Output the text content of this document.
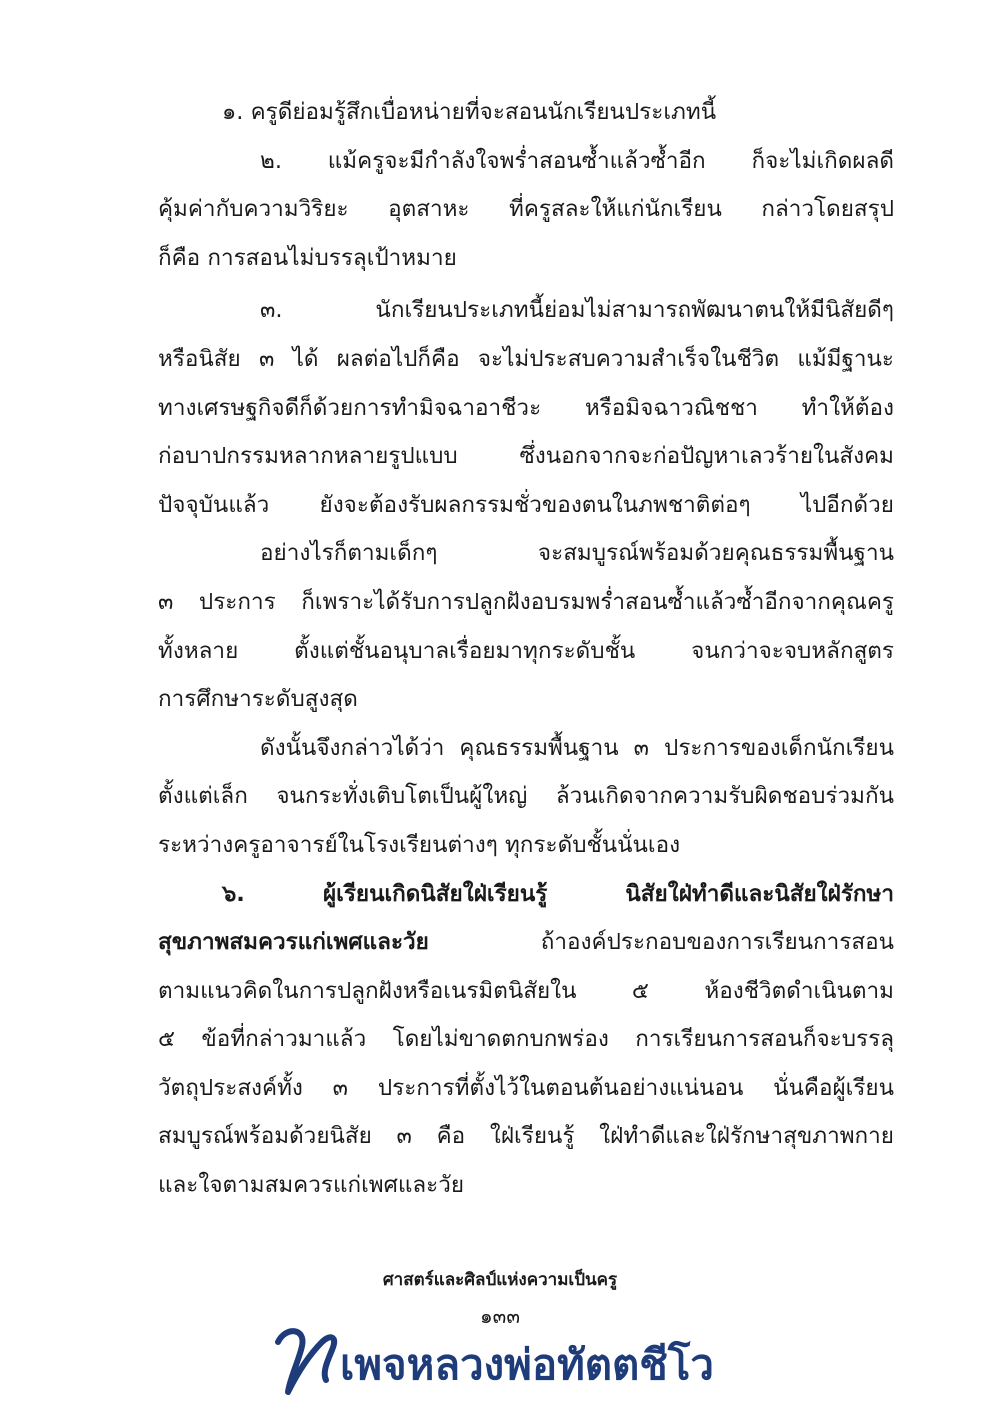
๑. ครูดีย่อมรู้สึกเบื่อหน่ายที่จะสอนนักเรียนประเภทนี้
๒. แม้ครูจะมีกำลังใจพร่ำสอนซ้ำแล้วซ้ำอีก ก็จะไม่เกิดผลดี
คุ้มค่ากับความวิริยะ อุตสาหะ ที่ครูสละให้แก่นักเรียน กล่าวโดยสรุป
ก็คือ การสอนไม่บรรลุเป้าหมาย
๓. นักเรียนประเภทนี้ย่อมไม่สามารถพัฒนาตนให้มีนิสัยดีๆ
หรือนิสัย ๓ ได้ ผลต่อไปก็คือ จะไม่ประสบความสำเร็จในชีวิต แม้มีฐานะ
ทางเศรษฐกิจดีก็ด้วยการทำมิจฉาอาชีวะ หรือมิจฉาวณิชชา ทำให้ต้อง
ก่อบาปกรรมหลากหลายรูปแบบ ซึ่งนอกจากจะก่อปัญหาเลวร้ายในสังคม
ปัจจุบันแล้ว ยังจะต้องรับผลกรรมชั่วของตนในภพชาติต่อๆ ไปอีกด้วย
อย่างไรก็ตามเด็กๆ จะสมบูรณ์พร้อมด้วยคุณธรรมพื้นฐาน
๓ ประการ ก็เพราะได้รับการปลูกฝังอบรมพร่ำสอนซ้ำแล้วซ้ำอีกจากคุณครู
ทั้งหลาย ตั้งแต่ชั้นอนุบาลเรื่อยมาทุกระดับชั้น จนกว่าจะจบหลักสูตร
การศึกษาระดับสูงสุด
ดังนั้นจึงกล่าวได้ว่า คุณธรรมพื้นฐาน ๓ ประการของเด็กนักเรียน
ตั้งแต่เล็ก จนกระทั่งเติบโตเป็นผู้ใหญ่ ล้วนเกิดจากความรับผิดชอบร่วมกัน
ระหว่างครูอาจารย์ในโรงเรียนต่างๆ ทุกระดับชั้นนั่นเอง
๖. ผู้เรียนเกิดนิสัยใฝ่เรียนรู้ นิสัยใฝ่ทำดีและนิสัยใฝ่รักษา
สุขภาพสมควรแก่เพศและวัย	ถ้าองค์ประกอบของการเรียนการสอน
ตามแนวคิดในการปลูกฝังหรือเนรมิตนิสัยใน ๕ ห้องชีวิตดำเนินตาม
๕ ข้อที่กล่าวมาแล้ว โดยไม่ขาดตกบกพร่อง การเรียนการสอนก็จะบรรลุ
วัตถุประสงค์ทั้ง ๓ ประการที่ตั้งไว้ในตอนต้นอย่างแน่นอน นั่นคือผู้เรียน
สมบูรณ์พร้อมด้วยนิสัย ๓ คือ ใฝ่เรียนรู้ ใฝ่ทำดีและใฝ่รักษาสุขภาพกาย
และใจตามสมควรแก่เพศและวัย
ศาสตร์และศิลป์แห่งความเป็นครู
๑๓๓
เพจหลวงพ่อทัตตชีโว
